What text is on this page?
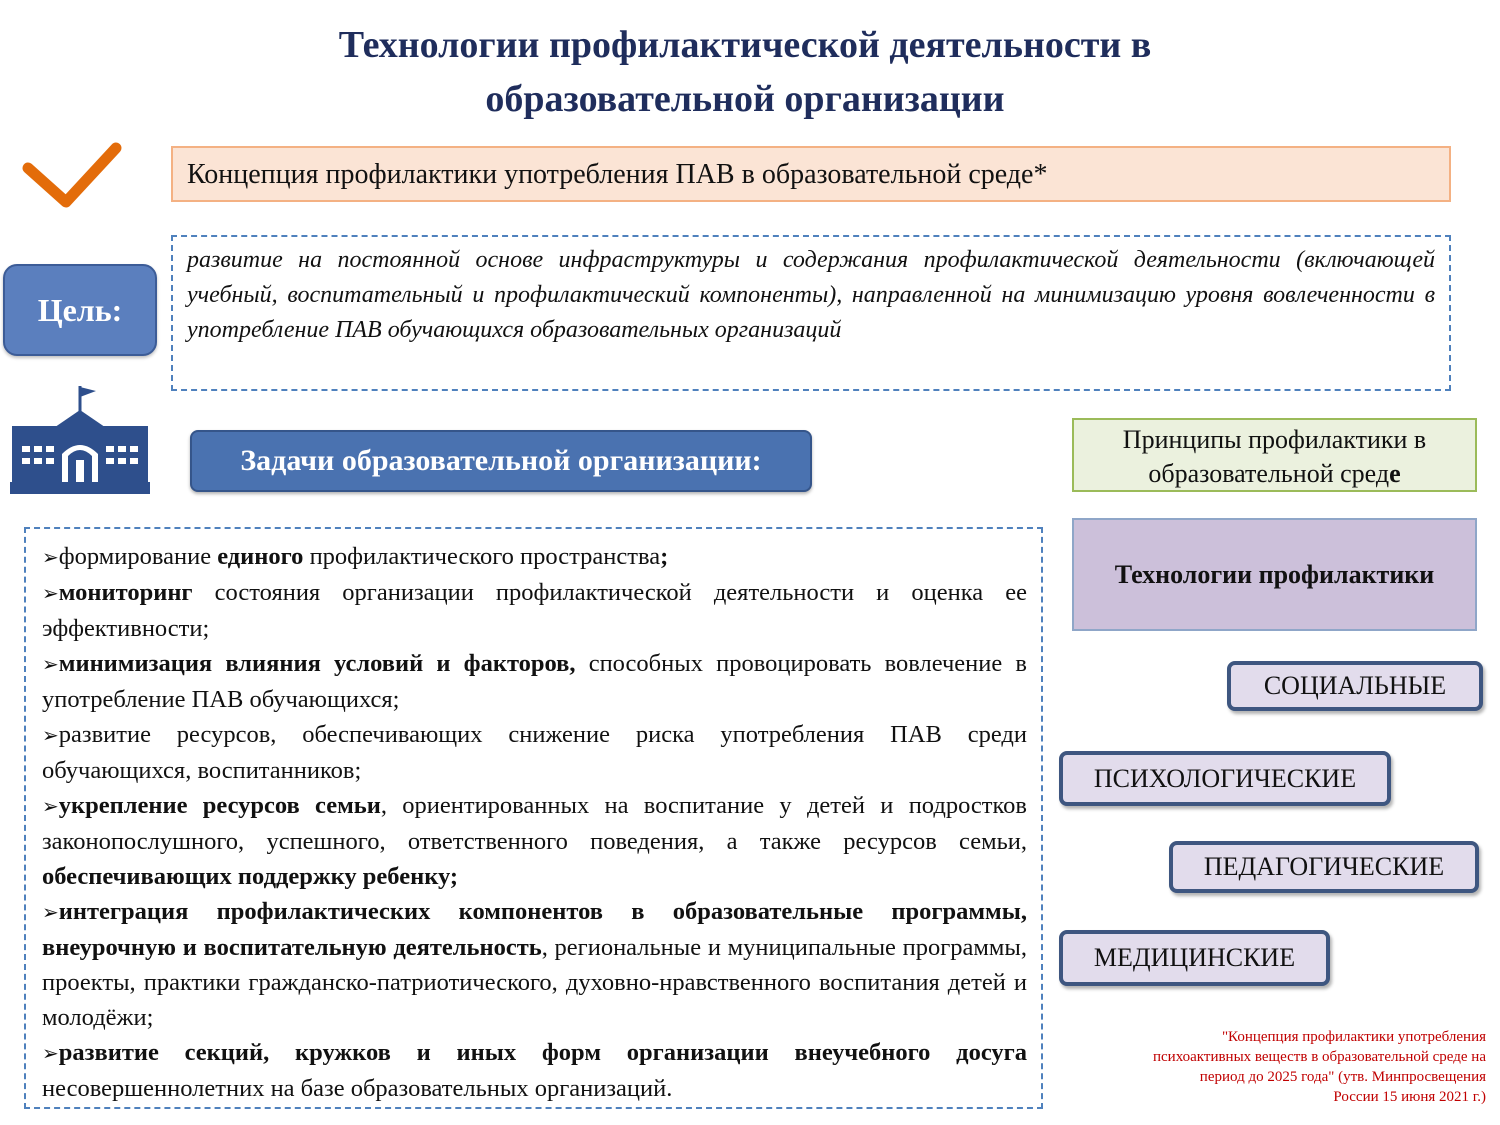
Технологии профилактической деятельности в
образовательной организации
Концепция профилактики употребления ПАВ в образовательной среде*
Цель:
развитие на постоянной основе инфраструктуры и содержания профилактической деятельности (включающей учебный, воспитательный и профилактический компоненты), направленной на минимизацию уровня вовлеченности в употребление ПАВ обучающихся образовательных организаций
Задачи образовательной организации:

➢формирование единого профилактического пространства;

➢мониторинг состояния организации профилактической деятельности и оценка ее эффективности;

➢минимизация влияния условий и факторов, способных провоцировать вовлечение в употребление ПАВ обучающихся;

➢развитие ресурсов, обеспечивающих снижение риска употребления ПАВ среди обучающихся, воспитанников;

➢укрепление ресурсов семьи, ориентированных на воспитание у детей и подростков законопослушного, успешного, ответственного поведения, а также ресурсов семьи, обеспечивающих поддержку ребенку;

➢интеграция профилактических компонентов в образовательные программы, внеурочную и воспитательную деятельность, региональные и муниципальные программы, проекты, практики гражданско-патриотического, духовно-нравственного воспитания детей и молодёжи;

➢развитие секций, кружков и иных форм организации внеучебного досуга несовершеннолетних на базе образовательных организаций.

Принципы профилактики в
образовательной среде
Технологии профилактики
СОЦИАЛЬНЫЕ
ПСИХОЛОГИЧЕСКИЕ
ПЕДАГОГИЧЕСКИЕ
МЕДИЦИНСКИЕ
"Концепция профилактики употребления
психоактивных веществ в образовательной среде на
период до 2025 года" (утв. Минпросвещения
России 15 июня 2021 г.)
